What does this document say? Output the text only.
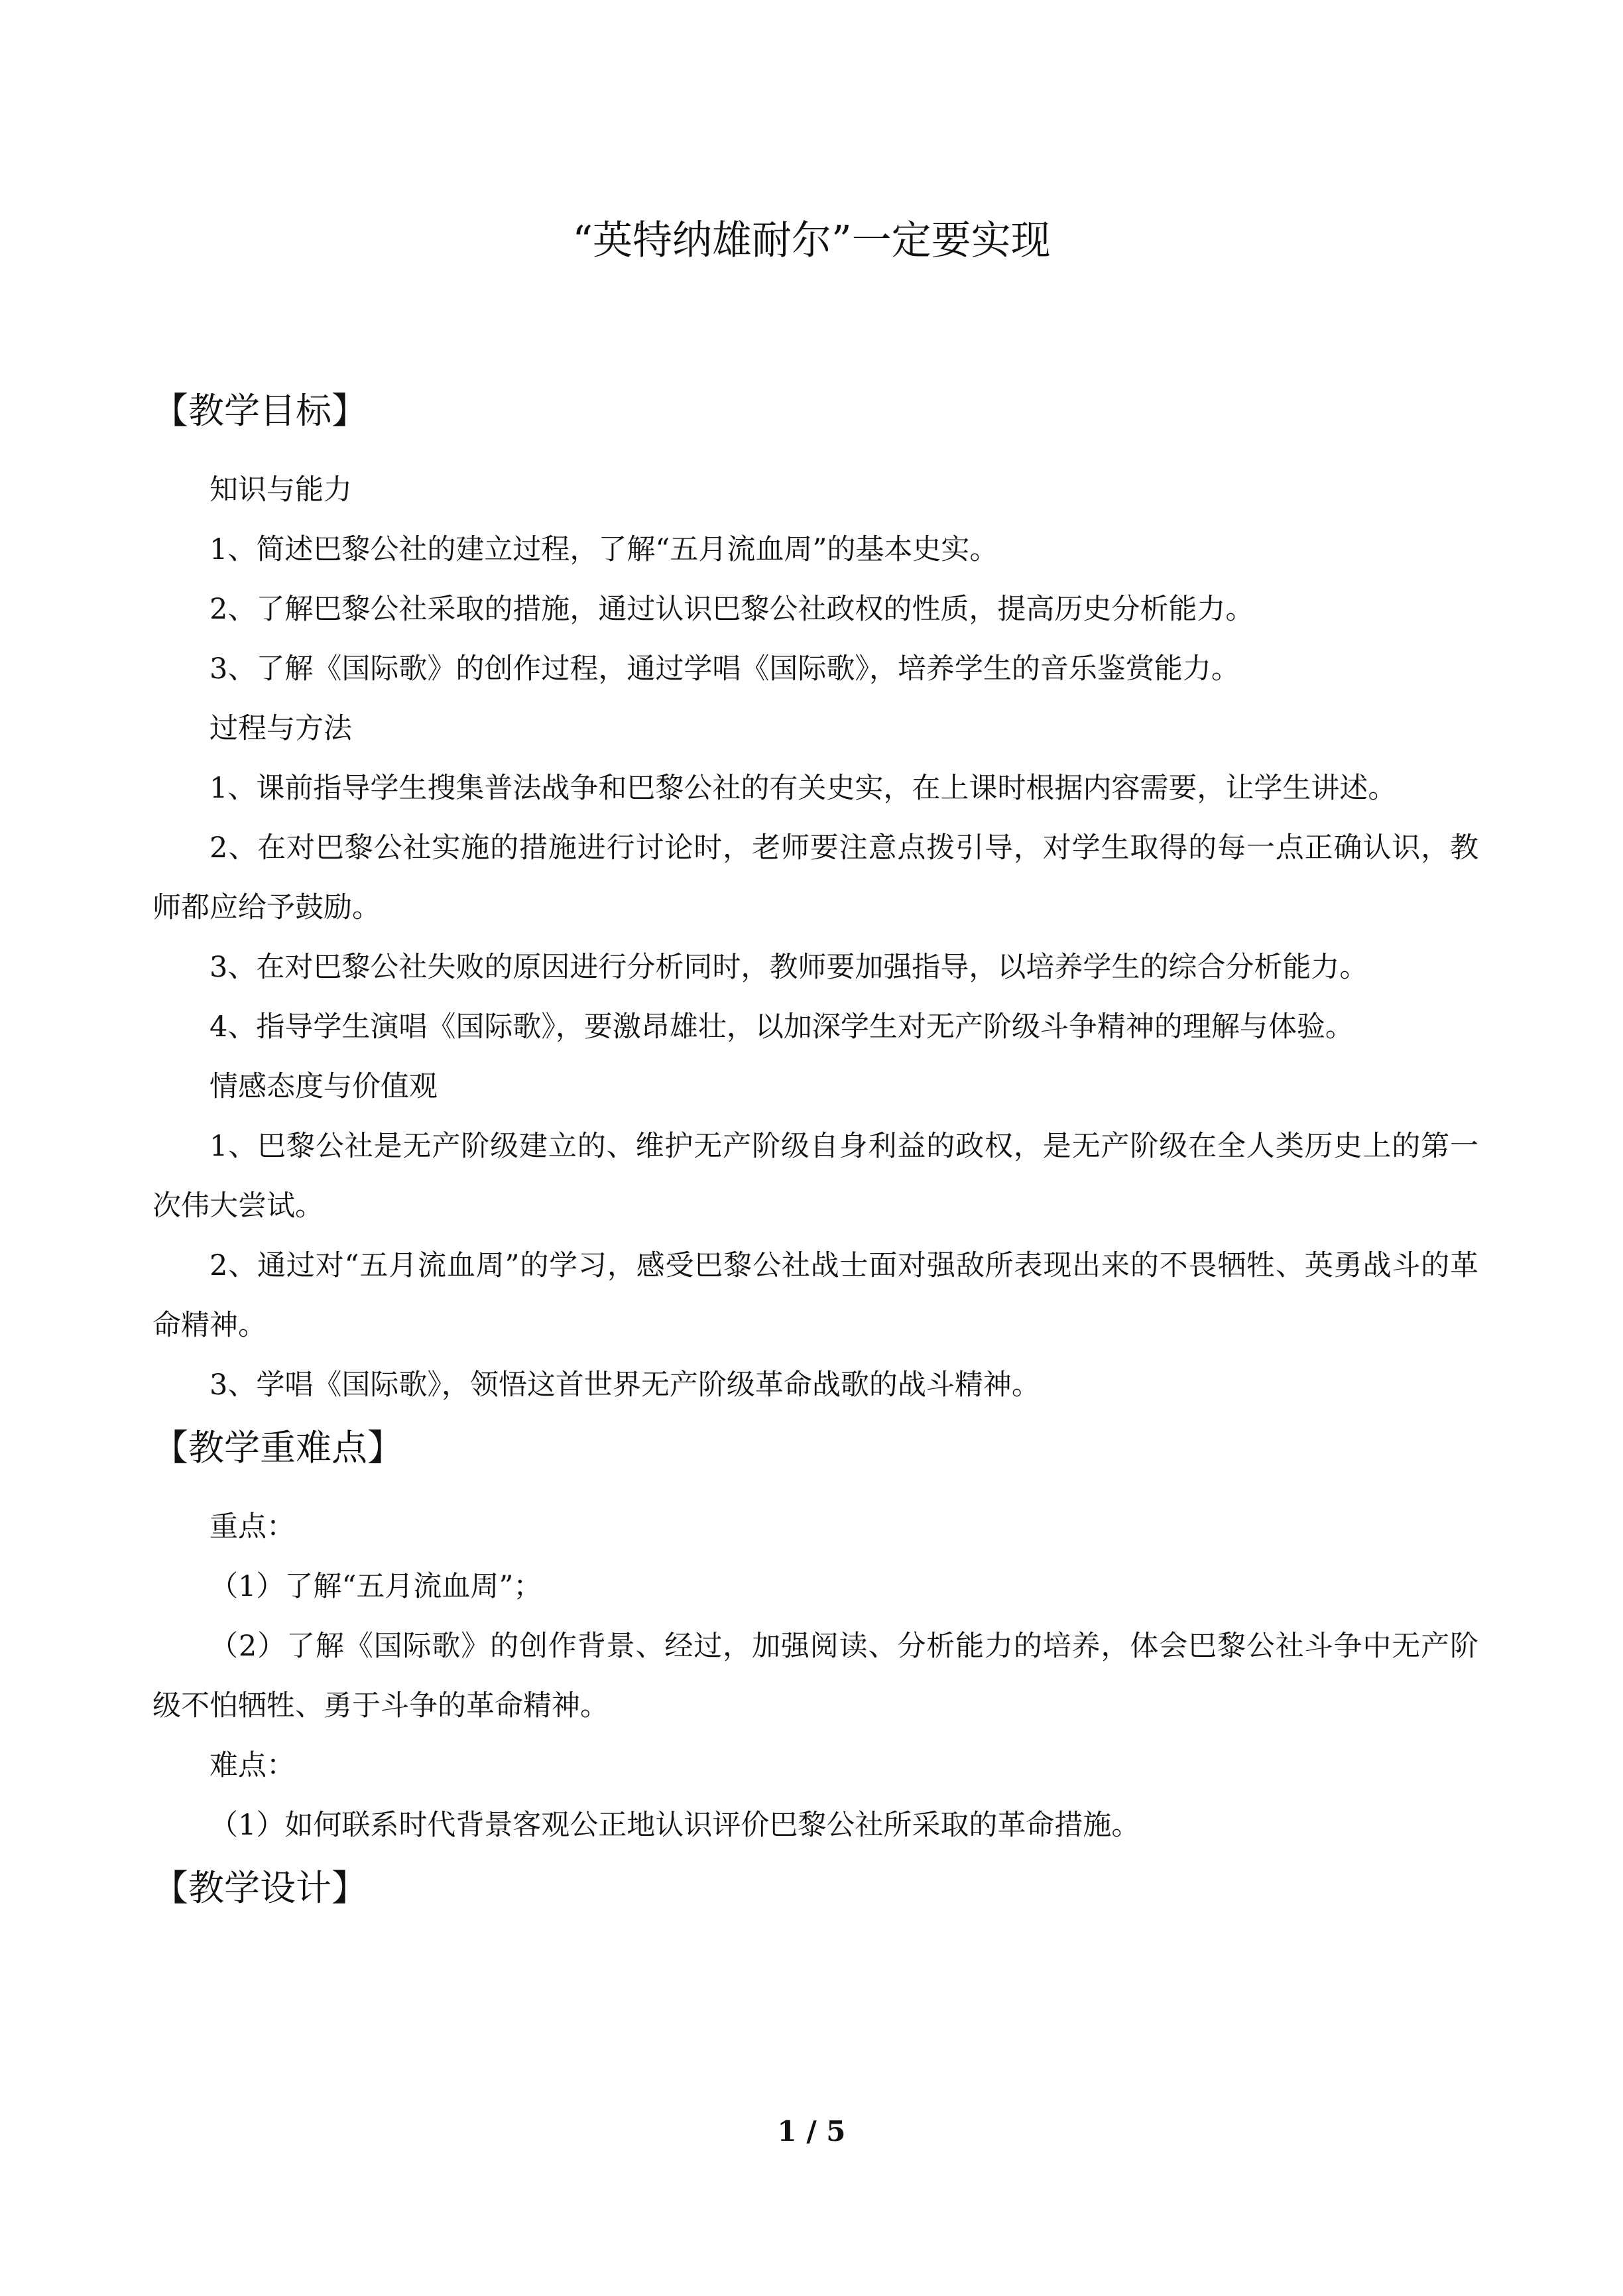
“英特纳雄耐尔”一定要实现
【教学目标】
知识与能力
1、简述巴黎公社的建立过程，了解“五月流血周”的基本史实。
2、了解巴黎公社采取的措施，通过认识巴黎公社政权的性质，提高历史分析能力。
3、了解《国际歌》的创作过程，通过学唱《国际歌》，培养学生的音乐鉴赏能力。
过程与方法
1、课前指导学生搜集普法战争和巴黎公社的有关史实，在上课时根据内容需要，让学生讲述。
2、在对巴黎公社实施的措施进行讨论时，老师要注意点拨引导，对学生取得的每一点正确认识，教师都应给予鼓励。
3、在对巴黎公社失败的原因进行分析同时，教师要加强指导，以培养学生的综合分析能力。
4、指导学生演唱《国际歌》，要激昂雄壮，以加深学生对无产阶级斗争精神的理解与体验。
情感态度与价值观
1、巴黎公社是无产阶级建立的、维护无产阶级自身利益的政权，是无产阶级在全人类历史上的第一次伟大尝试。
2、通过对“五月流血周”的学习，感受巴黎公社战士面对强敌所表现出来的不畏牺牲、英勇战斗的革命精神。
3、学唱《国际歌》，领悟这首世界无产阶级革命战歌的战斗精神。
【教学重难点】
重点：
（1）了解“五月流血周”；
（2）了解《国际歌》的创作背景、经过，加强阅读、分析能力的培养，体会巴黎公社斗争中无产阶级不怕牺牲、勇于斗争的革命精神。
难点：
（1）如何联系时代背景客观公正地认识评价巴黎公社所采取的革命措施。
【教学设计】
1 / 5
